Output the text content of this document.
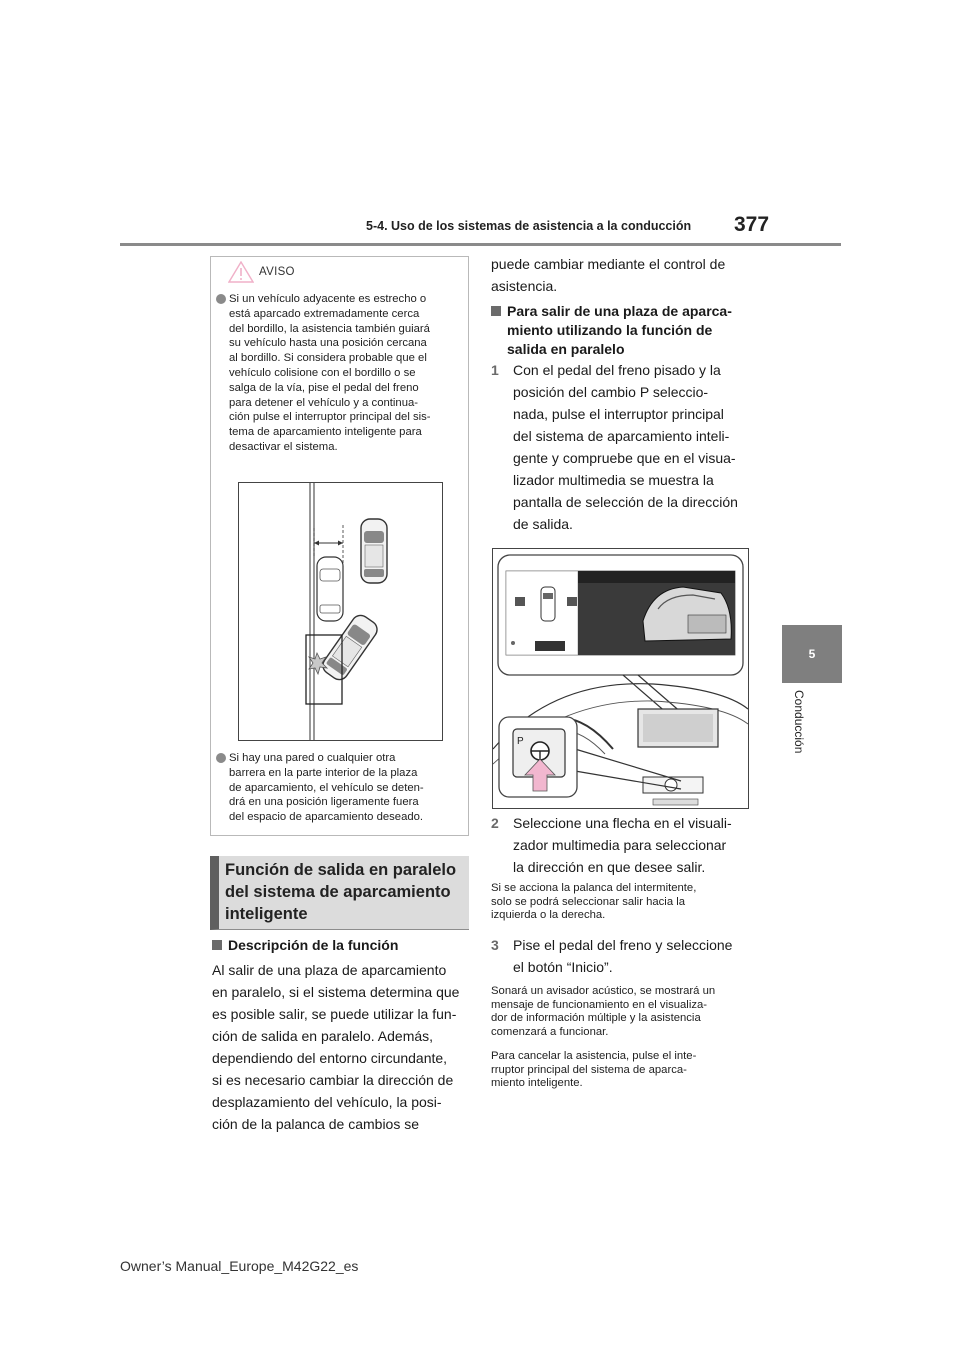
5-4. Uso de los sistemas de asistencia a la conducción 377
5
Conducción
AVISO
Si un vehículo adyacente es estrecho o
está aparcado extremadamente cerca
del bordillo, la asistencia también guiará
su vehículo hasta una posición cercana
al bordillo. Si considera probable que el
vehículo colisione con el bordillo o se
salga de la vía, pise el pedal del freno
para detener el vehículo y a continua-
ción pulse el interruptor principal del sis-
tema de aparcamiento inteligente para
desactivar el sistema.
Si hay una pared o cualquier otra
barrera en la parte interior de la plaza
de aparcamiento, el vehículo se deten-
drá en una posición ligeramente fuera
del espacio de aparcamiento deseado.
Función de salida en paralelo
del sistema de aparcamiento
inteligente
Descripción de la función
Al salir de una plaza de aparcamiento
en paralelo, si el sistema determina que
es posible salir, se puede utilizar la fun-
ción de salida en paralelo. Además,
dependiendo del entorno circundante,
si es necesario cambiar la dirección de
desplazamiento del vehículo, la posi-
ción de la palanca de cambios se
puede cambiar mediante el control de
asistencia.
Para salir de una plaza de aparca-
miento utilizando la función de
salida en paralelo
1	Con el pedal del freno pisado y la
posición del cambio P seleccio-
nada, pulse el interruptor principal
del sistema de aparcamiento inteli-
gente y compruebe que en el visua-
lizador multimedia se muestra la
pantalla de selección de la dirección
de salida.
P
2	Seleccione una flecha en el visuali-
zador multimedia para seleccionar
la dirección en que desee salir.
Si se acciona la palanca del intermitente,
solo se podrá seleccionar salir hacia la
izquierda o la derecha.
3	Pise el pedal del freno y seleccione
el botón “Inicio”.
Sonará un avisador acústico, se mostrará un
mensaje de funcionamiento en el visualiza-
dor de información múltiple y la asistencia
comenzará a funcionar.
Para cancelar la asistencia, pulse el inte-
rruptor principal del sistema de aparca-
miento inteligente.
Owner’s Manual_Europe_M42G22_es
